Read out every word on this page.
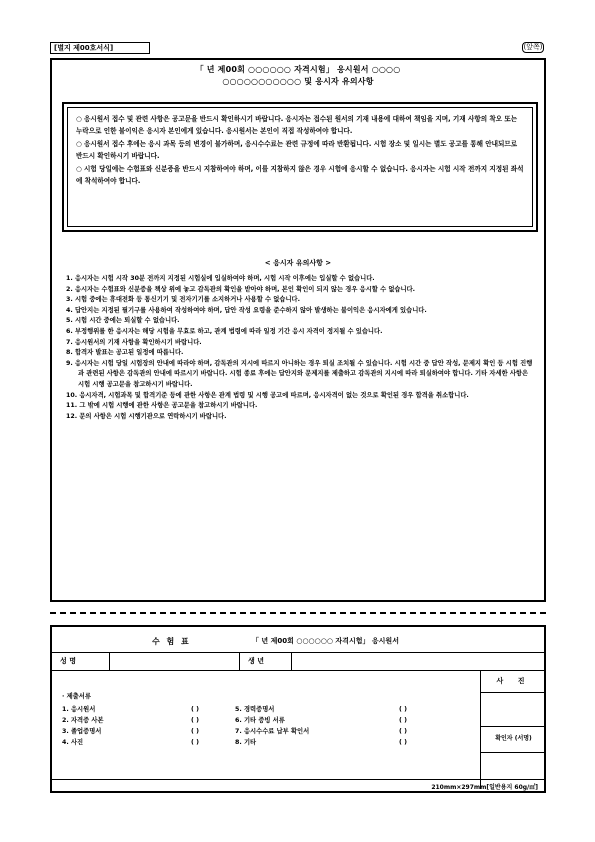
[별지 제00호서식]	(앞쪽)
「 년 제00회 ○○○○○○ 자격시험」 응시원서 ○○○○
○○○○○○○○○○○ 및 응시자 유의사항

○ 응시원서 접수 및 관련 사항은 공고문을 반드시 확인하시기 바랍니다. 응시자는 접수된 원서의 기재 내용에 대하여 책임을 지며, 기재 사항의 착오 또는 누락으로 인한 불이익은 응시자 본인에게 있습니다. 응시원서는 본인이 직접 작성하여야 합니다.

○ 응시원서 접수 후에는 응시 과목 등의 변경이 불가하며, 응시수수료는 관련 규정에 따라 반환됩니다. 시험 장소 및 일시는 별도 공고를 통해 안내되므로 반드시 확인하시기 바랍니다.

○ 시험 당일에는 수험표와 신분증을 반드시 지참하여야 하며, 이를 지참하지 않은 경우 시험에 응시할 수 없습니다. 응시자는 시험 시작 전까지 지정된 좌석에 착석하여야 합니다.

< 응시자 유의사항 >

1. 응시자는 시험 시작 30분 전까지 지정된 시험실에 입실하여야 하며, 시험 시작 이후에는 입실할 수 없습니다.

2. 응시자는 수험표와 신분증을 책상 위에 놓고 감독관의 확인을 받아야 하며, 본인 확인이 되지 않는 경우 응시할 수 없습니다.

3. 시험 중에는 휴대전화 등 통신기기 및 전자기기를 소지하거나 사용할 수 없습니다.

4. 답안지는 지정된 필기구를 사용하여 작성하여야 하며, 답안 작성 요령을 준수하지 않아 발생하는 불이익은 응시자에게 있습니다.

5. 시험 시간 중에는 퇴실할 수 없습니다.

6. 부정행위를 한 응시자는 해당 시험을 무효로 하고, 관계 법령에 따라 일정 기간 응시 자격이 정지될 수 있습니다.

7. 응시원서의 기재 사항을 확인하시기 바랍니다.

8. 합격자 발표는 공고된 일정에 따릅니다.

9. 응시자는 시험 당일 시험장의 안내에 따라야 하며, 감독관의 지시에 따르지 아니하는 경우 퇴실 조치될 수 있습니다. 시험 시간 중 답안 작성, 문제지 확인 등 시험 진행과 관련된 사항은 감독관의 안내에 따르시기 바랍니다. 시험 종료 후에는 답안지와 문제지를 제출하고 감독관의 지시에 따라 퇴실하여야 합니다. 기타 자세한 사항은 시험 시행 공고문을 참고하시기 바랍니다.

10. 응시자격, 시험과목 및 합격기준 등에 관한 사항은 관계 법령 및 시행 공고에 따르며, 응시자격이 없는 것으로 확인된 경우 합격을 취소합니다.

11. 그 밖에 시험 시행에 관한 사항은 공고문을 참고하시기 바랍니다.

12. 문의 사항은 시험 시행기관으로 연락하시기 바랍니다.

수 험 표	「 년 제00회 ○○○○○○ 자격시험」 응시원서
성 명	생 년
사 진
확인자 (서명)
· 제출서류
1. 응시원서	( )	5. 경력증명서	( )
2. 자격증 사본	( )	6. 기타 증빙 서류	( )
3. 졸업증명서	( )	7. 응시수수료 납부 확인서	( )
4. 사진	( )	8. 기타	( )
210mm×297mm[일반용지 60g/㎡]
